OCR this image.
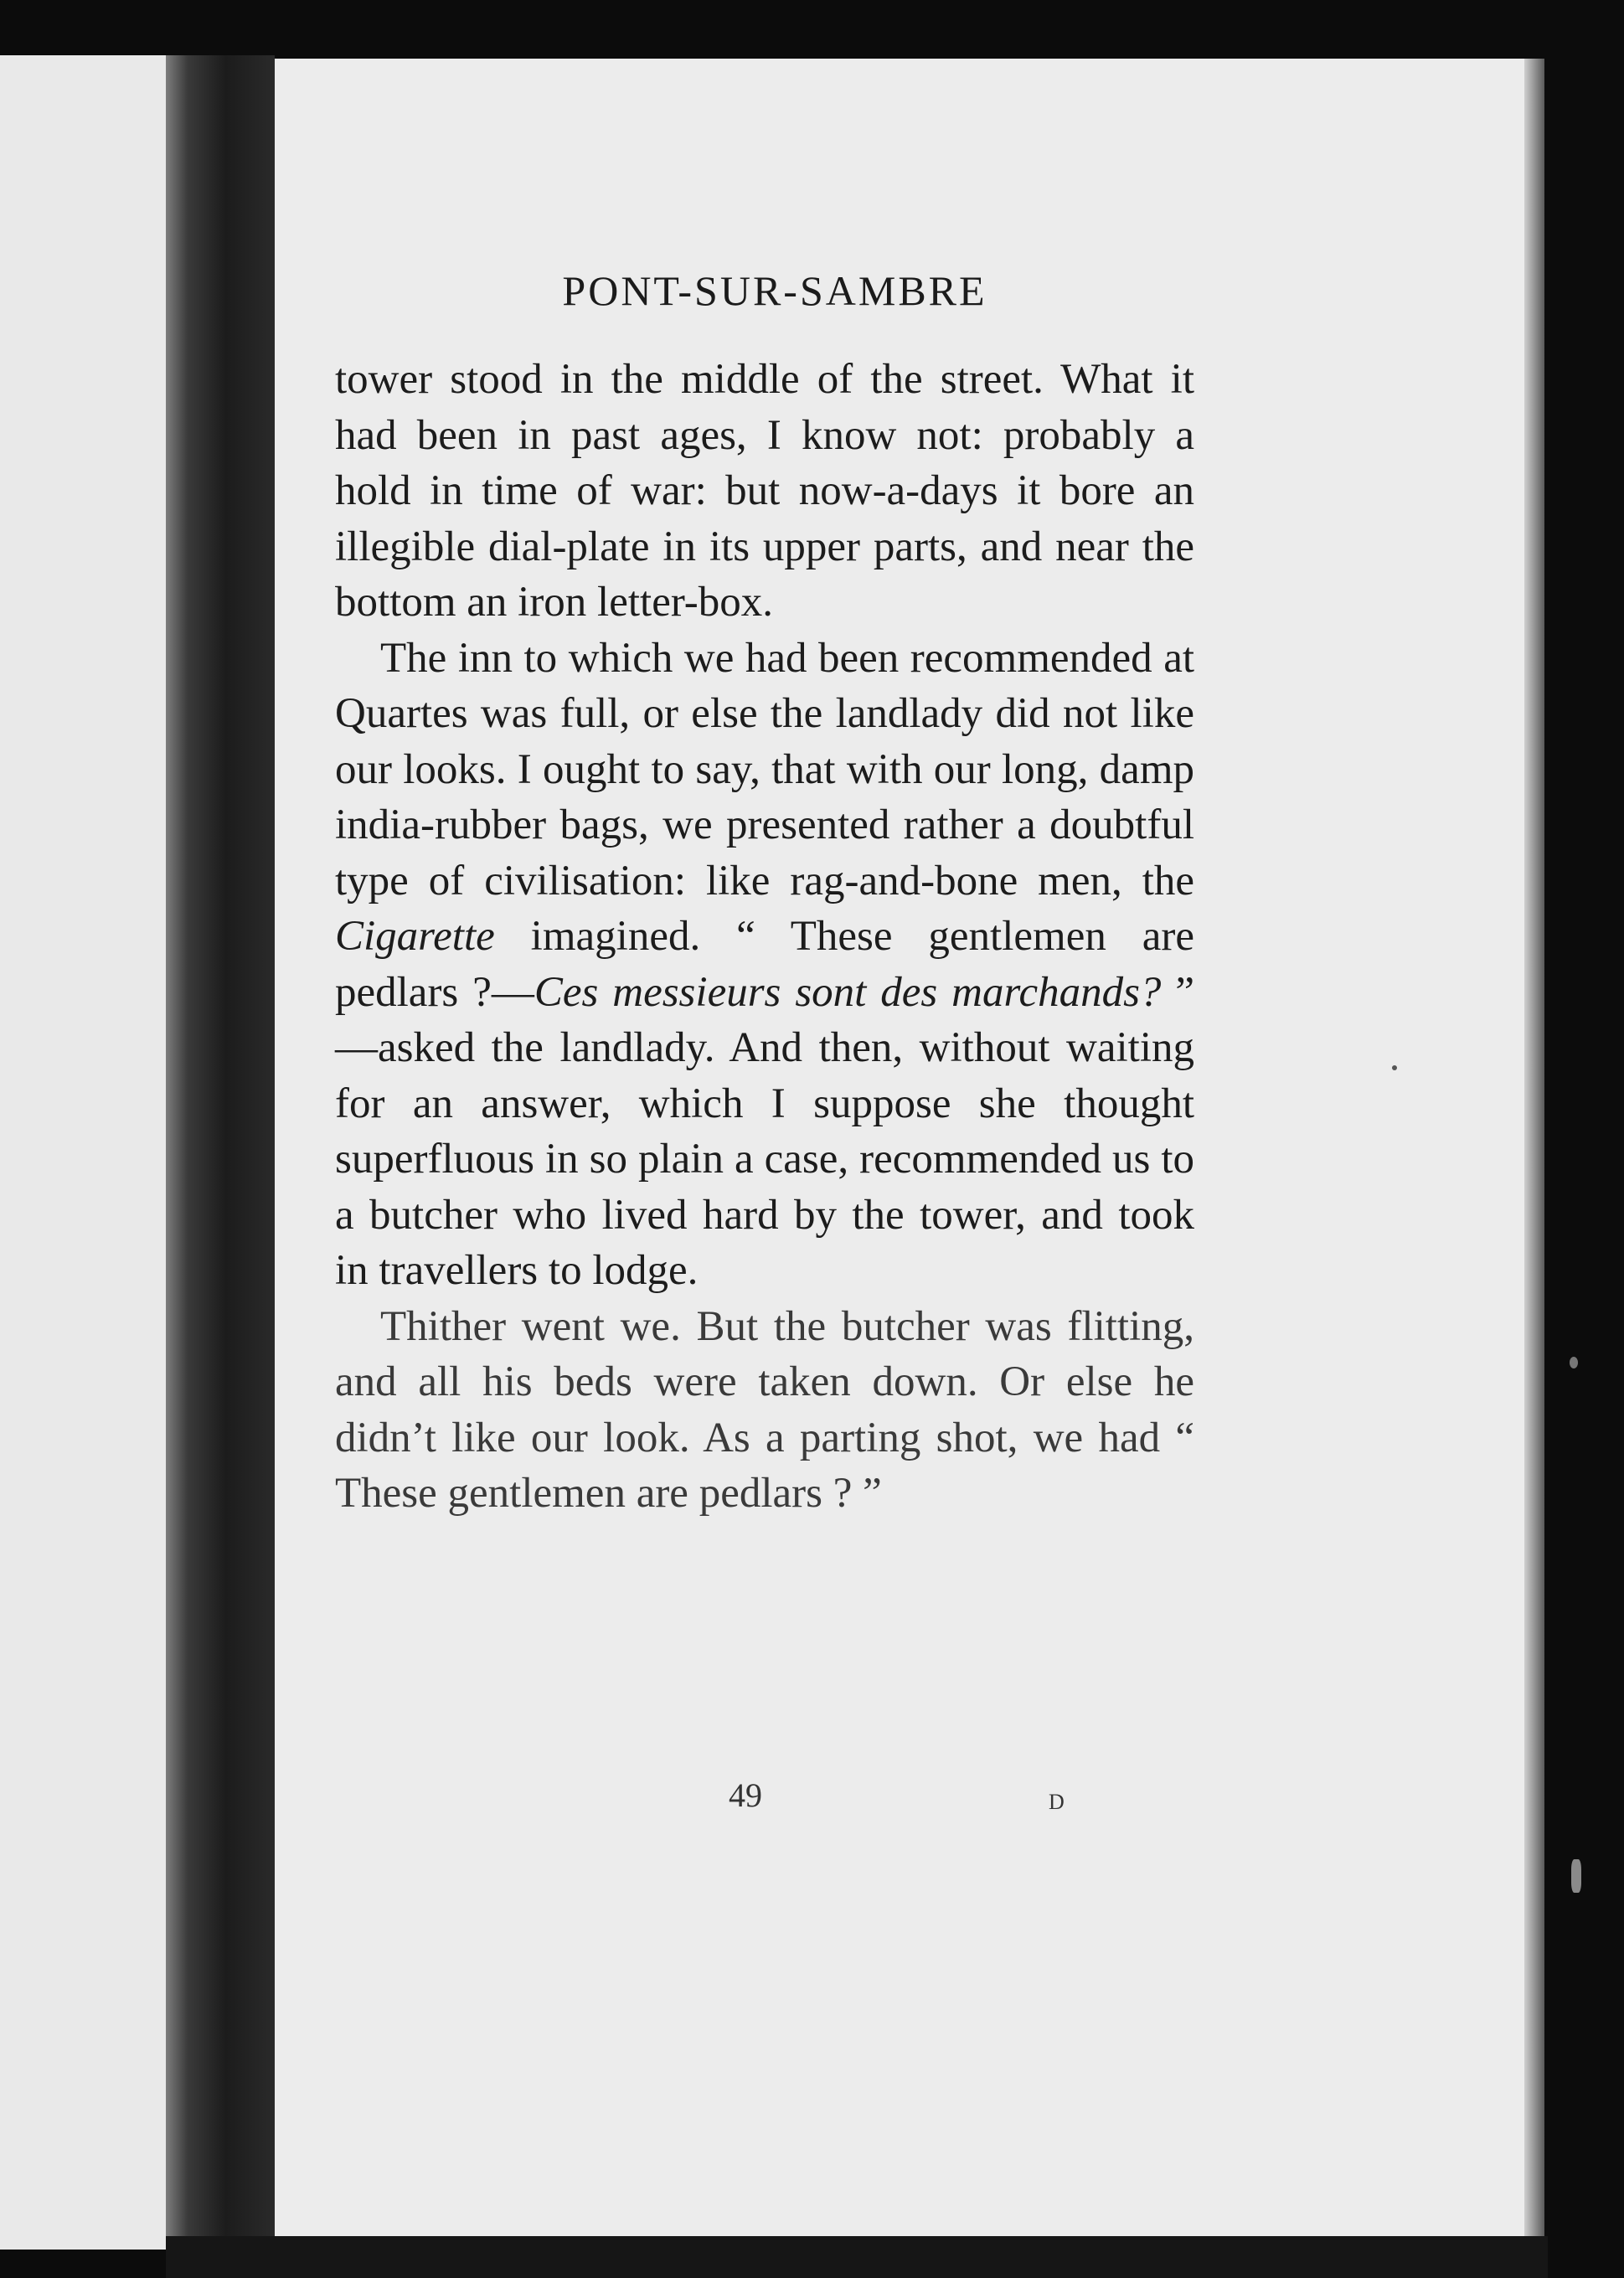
PONT-SUR-SAMBRE

tower stood in the middle of the street. What it had been in past ages, I know not: probably a hold in time of war: but now-a-days it bore an illegible dial-plate in its upper parts, and near the bottom an iron letter-box.

The inn to which we had been recommended at Quartes was full, or else the landlady did not like our looks. I ought to say, that with our long, damp india-rubber bags, we presented rather a doubtful type of civilisation: like rag-and-bone men, the Cigarette imagined. “ These gentlemen are pedlars ?—Ces messieurs sont des marchands? ” —asked the landlady. And then, without waiting for an answer, which I suppose she thought superfluous in so plain a case, recommended us to a butcher who lived hard by the tower, and took in travellers to lodge.

Thither went we. But the butcher was flitting, and all his beds were taken down. Or else he didn’t like our look. As a parting shot, we had “ These gentlemen are pedlars ? ”

49	D
